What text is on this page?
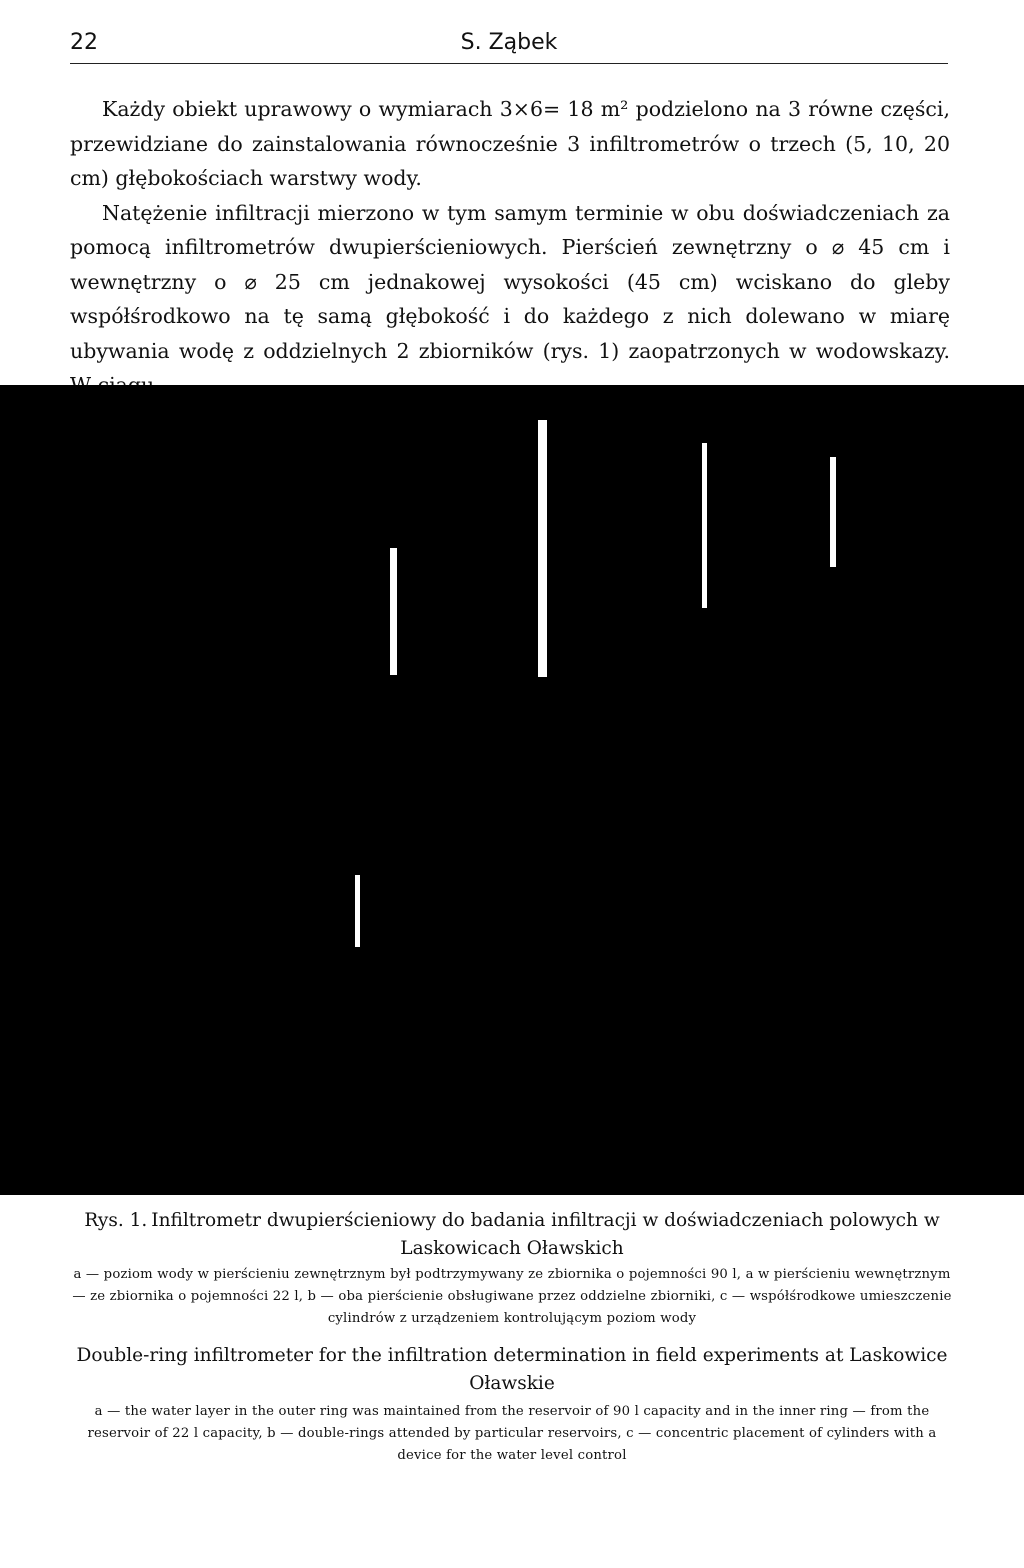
22	S. Ząbek

Każdy obiekt uprawowy o wymiarach 3×6= 18 m² podzielono na 3 równe części, przewidziane do zainstalowania równocześnie 3 infiltrometrów o trzech (5, 10, 20 cm) głębokościach warstwy wody.

Natężenie infiltracji mierzono w tym samym terminie w obu doświadczeniach za pomocą infiltrometrów dwupierścieniowych. Pierścień zewnętrzny o ⌀ 45 cm i wewnętrzny o ⌀ 25 cm jednakowej wysokości (45 cm) wciskano do gleby współśrodkowo na tę samą głębokość i do każdego z nich dolewano w miarę ubywania wodę z oddzielnych 2 zbiorników (rys. 1) zaopatrzonych w wodowskazy.

Rys. 1. Infiltrometr dwupierścieniowy do badania infiltracji w doświadczeniach polowych w Laskowicach Oławskich

a — poziom wody w pierścieniu zewnętrznym był podtrzymywany ze zbiornika o pojemności 90 l, a w pierścieniu wewnętrznym — ze zbiornika o pojemności 22 l, b — oba pierścienie obsługiwane przez oddzielne zbiorniki, c — współśrodkowe umieszczenie cylindrów z urządzeniem kontrolującym poziom wody

Double-ring infiltrometer for the infiltration determination in field experiments at Laskowice Oławskie

a — the water layer in the outer ring was maintained from the reservoir of 90 l capacity and in the inner ring — from the reservoir of 22 l capacity, b — double-rings attended by particular reservoirs, c — concentric placement of cylinders with a device for the water level control
